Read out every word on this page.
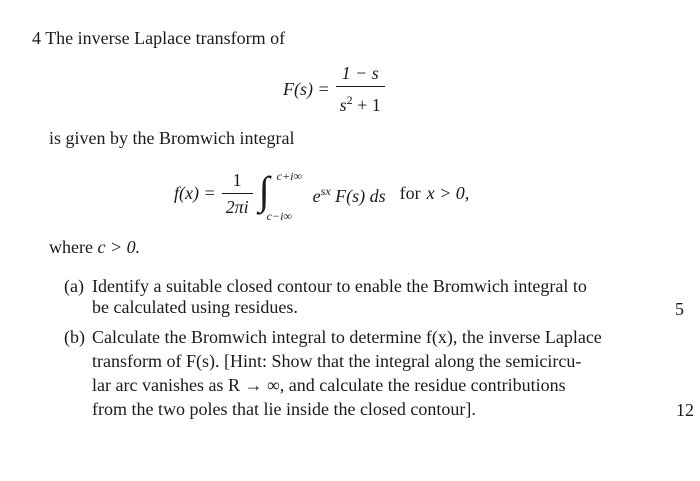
4 The inverse Laplace transform of
$F(s) = \frac{1 - s}{s^2 + 1}$
is given by the Bromwich integral
$f(x) = \frac{1}{2\pi i}$ ∫ c+i∞
c−i∞
$e^{sx}$ F(s) ds for x > 0,
where c > 0.
(a) Identify a suitable closed contour to enable the Bromwich integral to
be calculated using residues.	5
(b) Calculate the Bromwich integral to determine f(x), the inverse Laplace
transform of F(s). [Hint: Show that the integral along the semicircu-
lar arc vanishes as R → ∞, and calculate the residue contributions
from the two poles that lie inside the closed contour].	12
